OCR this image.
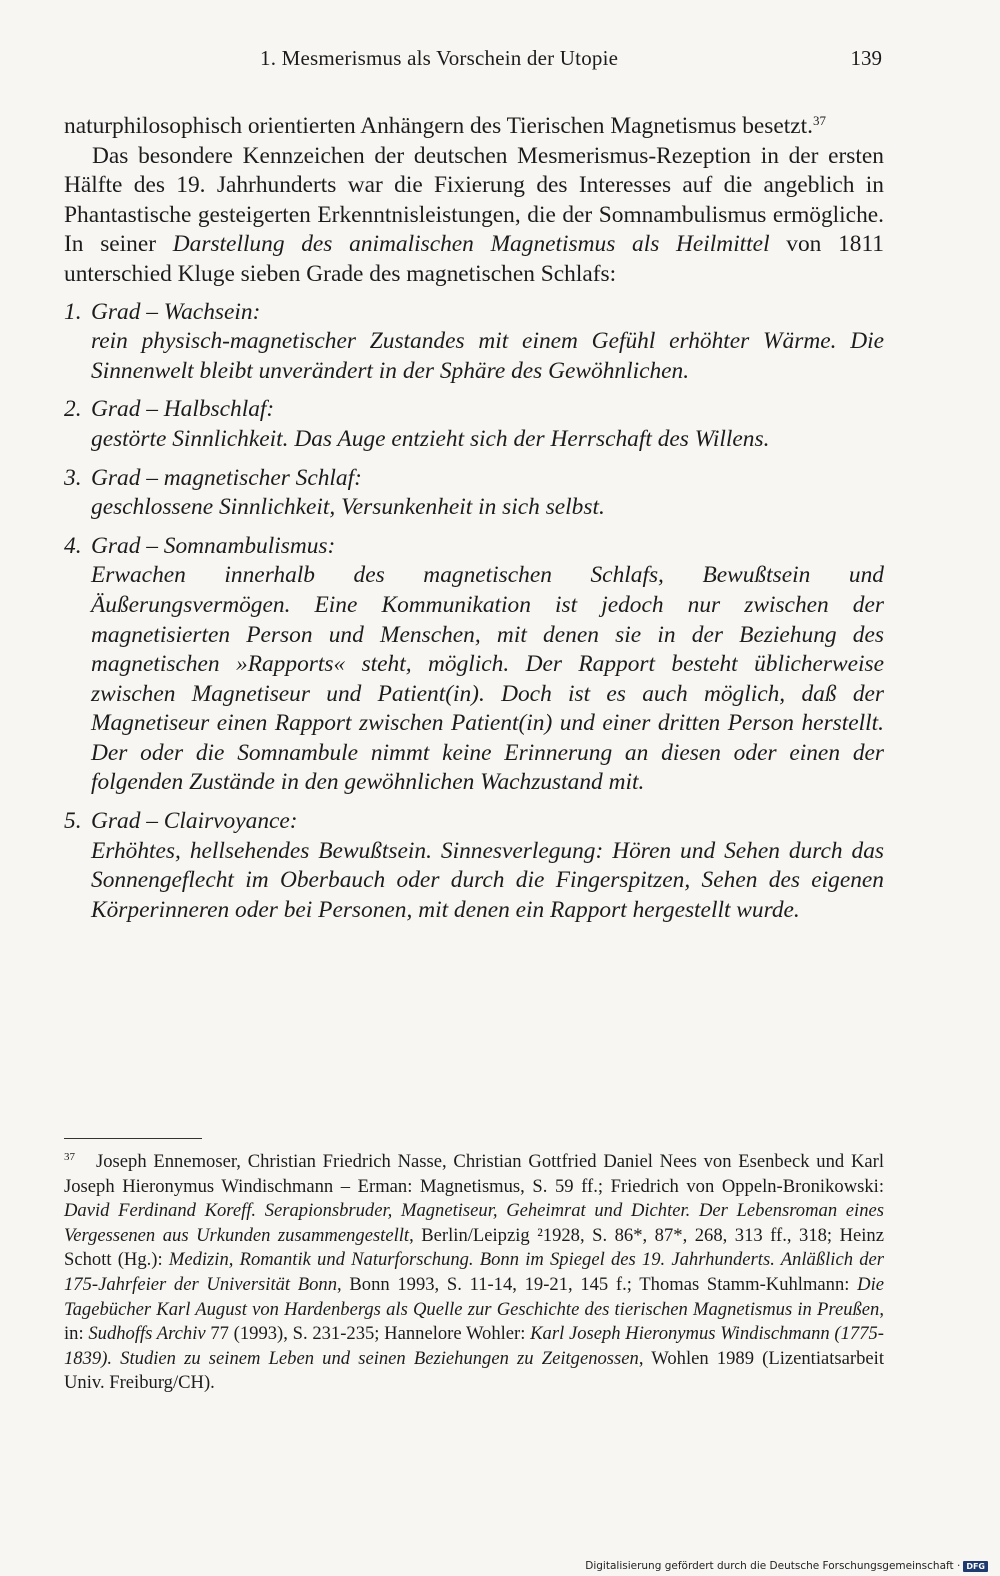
1. Mesmerismus als Vorschein der Utopie	139

naturphilosophisch orientierten Anhängern des Tierischen Magnetismus besetzt.$^{37}$

Das besondere Kennzeichen der deutschen Mesmerismus-Rezeption in der ersten Hälfte des 19. Jahrhunderts war die Fixierung des Interesses auf die angeblich in Phantastische gesteigerten Erkenntnisleistungen, die der Somnambulismus ermögliche. In seiner Darstellung des animalischen Magnetismus als Heilmittel von 1811 unterschied Kluge sieben Grade des magnetischen Schlafs:

1. Grad – Wachsein:
rein physisch-magnetischer Zustandes mit einem Gefühl erhöhter Wärme. Die Sinnenwelt bleibt unverändert in der Sphäre des Gewöhnlichen.
2. Grad – Halbschlaf:
gestörte Sinnlichkeit. Das Auge entzieht sich der Herrschaft des Willens.
3. Grad – magnetischer Schlaf:
geschlossene Sinnlichkeit, Versunkenheit in sich selbst.
4. Grad – Somnambulismus:
Erwachen innerhalb des magnetischen Schlafs, Bewußtsein und Äußerungsvermögen. Eine Kommunikation ist jedoch nur zwischen der magnetisierten Person und Menschen, mit denen sie in der Beziehung des magnetischen »Rapports« steht, möglich. Der Rapport besteht üblicherweise zwischen Magnetiseur und Patient(in). Doch ist es auch möglich, daß der Magnetiseur einen Rapport zwischen Patient(in) und einer dritten Person herstellt. Der oder die Somnambule nimmt keine Erinnerung an diesen oder einen der folgenden Zustände in den gewöhnlichen Wachzustand mit.
5. Grad – Clairvoyance:
Erhöhtes, hellsehendes Bewußtsein. Sinnesverlegung: Hören und Sehen durch das Sonnengeflecht im Oberbauch oder durch die Fingerspitzen, Sehen des eigenen Körperinneren oder bei Personen, mit denen ein Rapport hergestellt wurde.
37 Joseph Ennemoser, Christian Friedrich Nasse, Christian Gottfried Daniel Nees von Esenbeck und Karl Joseph Hieronymus Windischmann – Erman: Magnetismus, S. 59 ff.; Friedrich von Oppeln-Bronikowski: David Ferdinand Koreff. Serapionsbruder, Magnetiseur, Geheimrat und Dichter. Der Lebensroman eines Vergessenen aus Urkunden zusammengestellt, Berlin/Leipzig ²1928, S. 86*, 87*, 268, 313 ff., 318; Heinz Schott (Hg.): Medizin, Romantik und Naturforschung. Bonn im Spiegel des 19. Jahrhunderts. Anläßlich der 175-Jahrfeier der Universität Bonn, Bonn 1993, S. 11-14, 19-21, 145 f.; Thomas Stamm-Kuhlmann: Die Tagebücher Karl August von Hardenbergs als Quelle zur Geschichte des tierischen Magnetismus in Preußen, in: Sudhoffs Archiv 77 (1993), S. 231-235; Hannelore Wohler: Karl Joseph Hieronymus Windischmann (1775-1839). Studien zu seinem Leben und seinen Beziehungen zu Zeitgenossen, Wohlen 1989 (Lizentiatsarbeit Univ. Freiburg/CH).
Digitalisierung gefördert durch die Deutsche Forschungsgemeinschaft · DFG
